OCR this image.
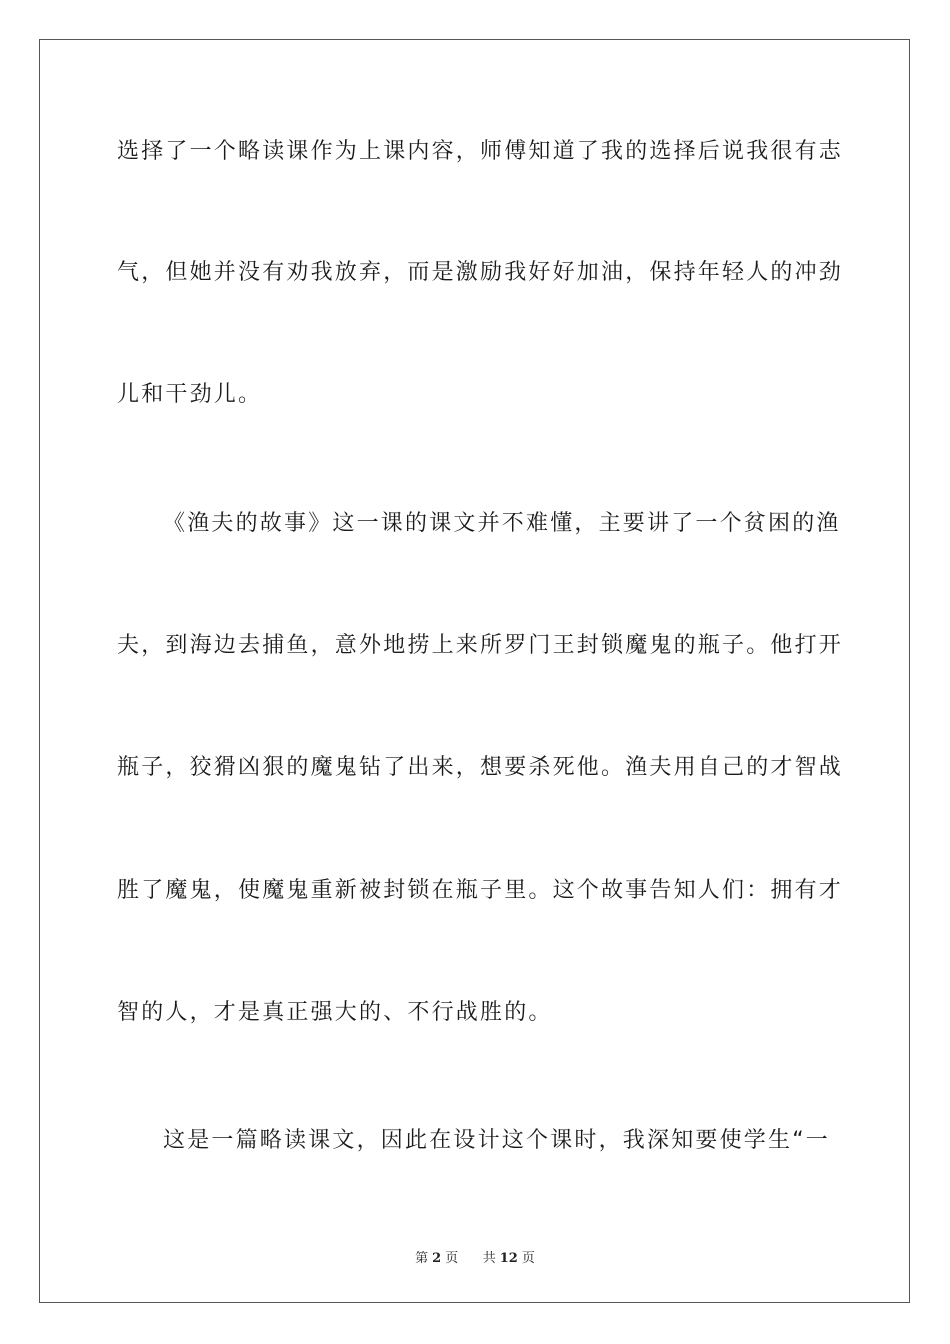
选择了一个略读课作为上课内容，师傅知道了我的选择后说我很有志
气，但她并没有劝我放弃，而是激励我好好加油，保持年轻人的冲劲
儿和干劲儿。
《渔夫的故事》这一课的课文并不难懂，主要讲了一个贫困的渔
夫，到海边去捕鱼，意外地捞上来所罗门王封锁魔鬼的瓶子。他打开
瓶子，狡猾凶狠的魔鬼钻了出来，想要杀死他。渔夫用自己的才智战
胜了魔鬼，使魔鬼重新被封锁在瓶子里。这个故事告知人们：拥有才
智的人，才是真正强大的、不行战胜的。
这是一篇略读课文，因此在设计这个课时，我深知要使学生“一
第 2 页 共 12 页
